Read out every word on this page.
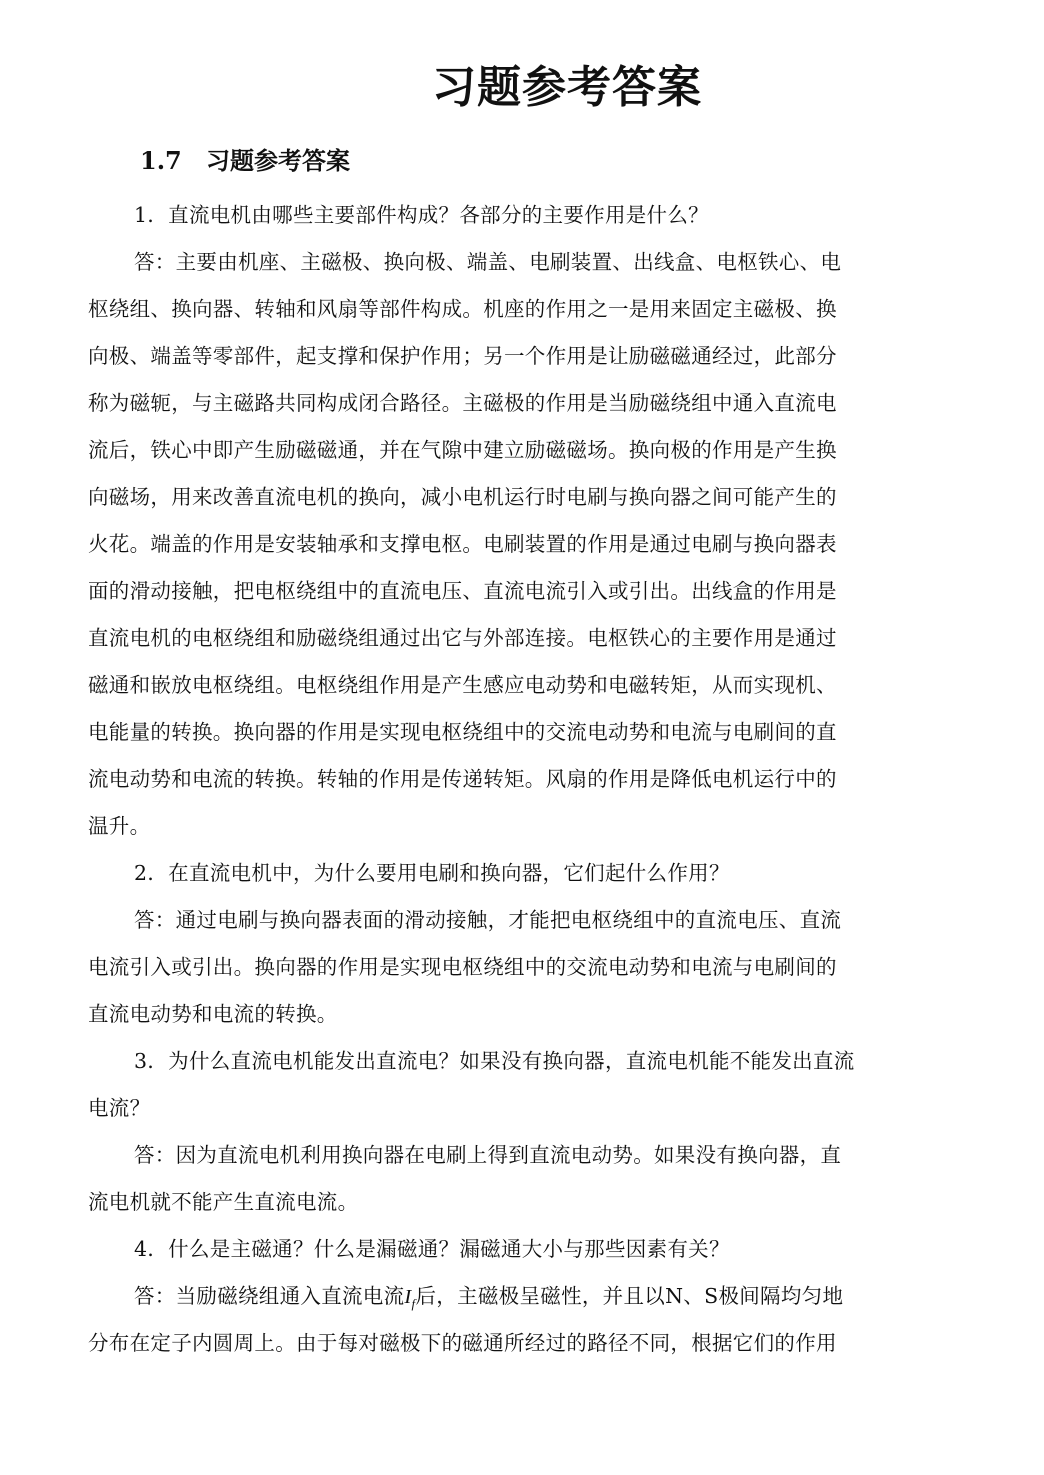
习题参考答案
1.7 习题参考答案
1．直流电机由哪些主要部件构成？各部分的主要作用是什么？
答：主要由机座、主磁极、换向极、端盖、电刷装置、出线盒、电枢铁心、电
枢绕组、换向器、转轴和风扇等部件构成。机座的作用之一是用来固定主磁极、换
向极、端盖等零部件，起支撑和保护作用；另一个作用是让励磁磁通经过，此部分
称为磁轭，与主磁路共同构成闭合路径。主磁极的作用是当励磁绕组中通入直流电
流后，铁心中即产生励磁磁通，并在气隙中建立励磁磁场。换向极的作用是产生换
向磁场，用来改善直流电机的换向，减小电机运行时电刷与换向器之间可能产生的
火花。端盖的作用是安装轴承和支撑电枢。电刷装置的作用是通过电刷与换向器表
面的滑动接触，把电枢绕组中的直流电压、直流电流引入或引出。出线盒的作用是
直流电机的电枢绕组和励磁绕组通过出它与外部连接。电枢铁心的主要作用是通过
磁通和嵌放电枢绕组。电枢绕组作用是产生感应电动势和电磁转矩，从而实现机、
电能量的转换。换向器的作用是实现电枢绕组中的交流电动势和电流与电刷间的直
流电动势和电流的转换。转轴的作用是传递转矩。风扇的作用是降低电机运行中的
温升。
2．在直流电机中，为什么要用电刷和换向器，它们起什么作用？
答：通过电刷与换向器表面的滑动接触，才能把电枢绕组中的直流电压、直流
电流引入或引出。换向器的作用是实现电枢绕组中的交流电动势和电流与电刷间的
直流电动势和电流的转换。
3．为什么直流电机能发出直流电？如果没有换向器，直流电机能不能发出直流
电流？
答：因为直流电机利用换向器在电刷上得到直流电动势。如果没有换向器，直
流电机就不能产生直流电流。
4．什么是主磁通？什么是漏磁通？漏磁通大小与那些因素有关？
答：当励磁绕组通入直流电流$I_f$后，主磁极呈磁性，并且以N、S极间隔均匀地
分布在定子内圆周上。由于每对磁极下的磁通所经过的路径不同，根据它们的作用
